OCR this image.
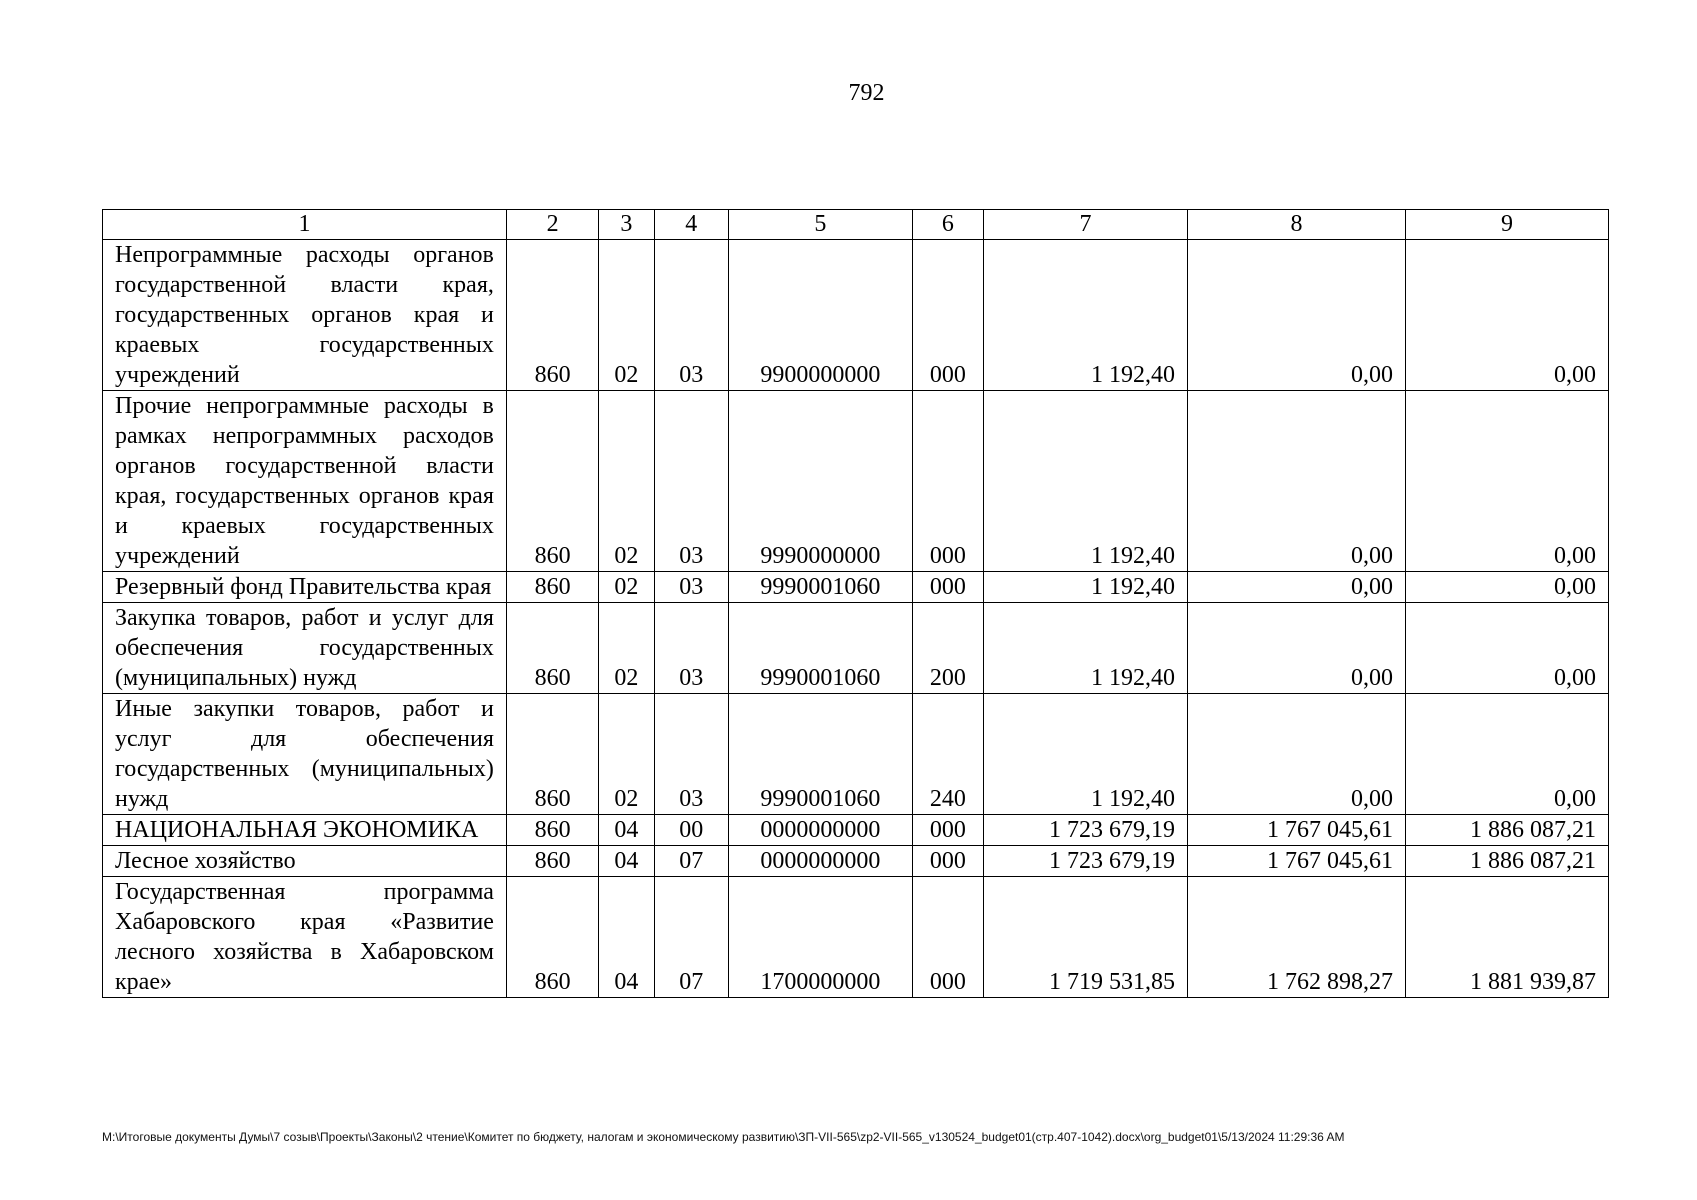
792
1	2	3	4	5	6	7	8	9
Непрограммные расходы органов государственной власти края, государственных органов края и краевых государственных учреждений	860	02	03	9900000000	000	1 192,40	0,00	0,00
Прочие непрограммные расходы в рамках непрограммных расходов органов государственной власти края, государственных органов края и краевых государственных учреждений	860	02	03	9990000000	000	1 192,40	0,00	0,00
Резервный фонд Правительства края	860	02	03	9990001060	000	1 192,40	0,00	0,00
Закупка товаров, работ и услуг для обеспечения государственных (муниципальных) нужд	860	02	03	9990001060	200	1 192,40	0,00	0,00
Иные закупки товаров, работ и услуг для обеспечения государственных (муниципальных) нужд	860	02	03	9990001060	240	1 192,40	0,00	0,00
НАЦИОНАЛЬНАЯ ЭКОНОМИКА	860	04	00	0000000000	000	1 723 679,19	1 767 045,61	1 886 087,21
Лесное хозяйство	860	04	07	0000000000	000	1 723 679,19	1 767 045,61	1 886 087,21
Государственная программа Хабаровского края «Развитие лесного хозяйства в Хабаровском крае»	860	04	07	1700000000	000	1 719 531,85	1 762 898,27	1 881 939,87
M:\Итоговые документы Думы\7 созыв\Проекты\Законы\2 чтение\Комитет по бюджету, налогам и экономическому развитию\ЗП-VII-565\zp2-VII-565_v130524_budget01(стр.407-1042).docx\org_budget01\5/13/2024 11:29:36 AM
